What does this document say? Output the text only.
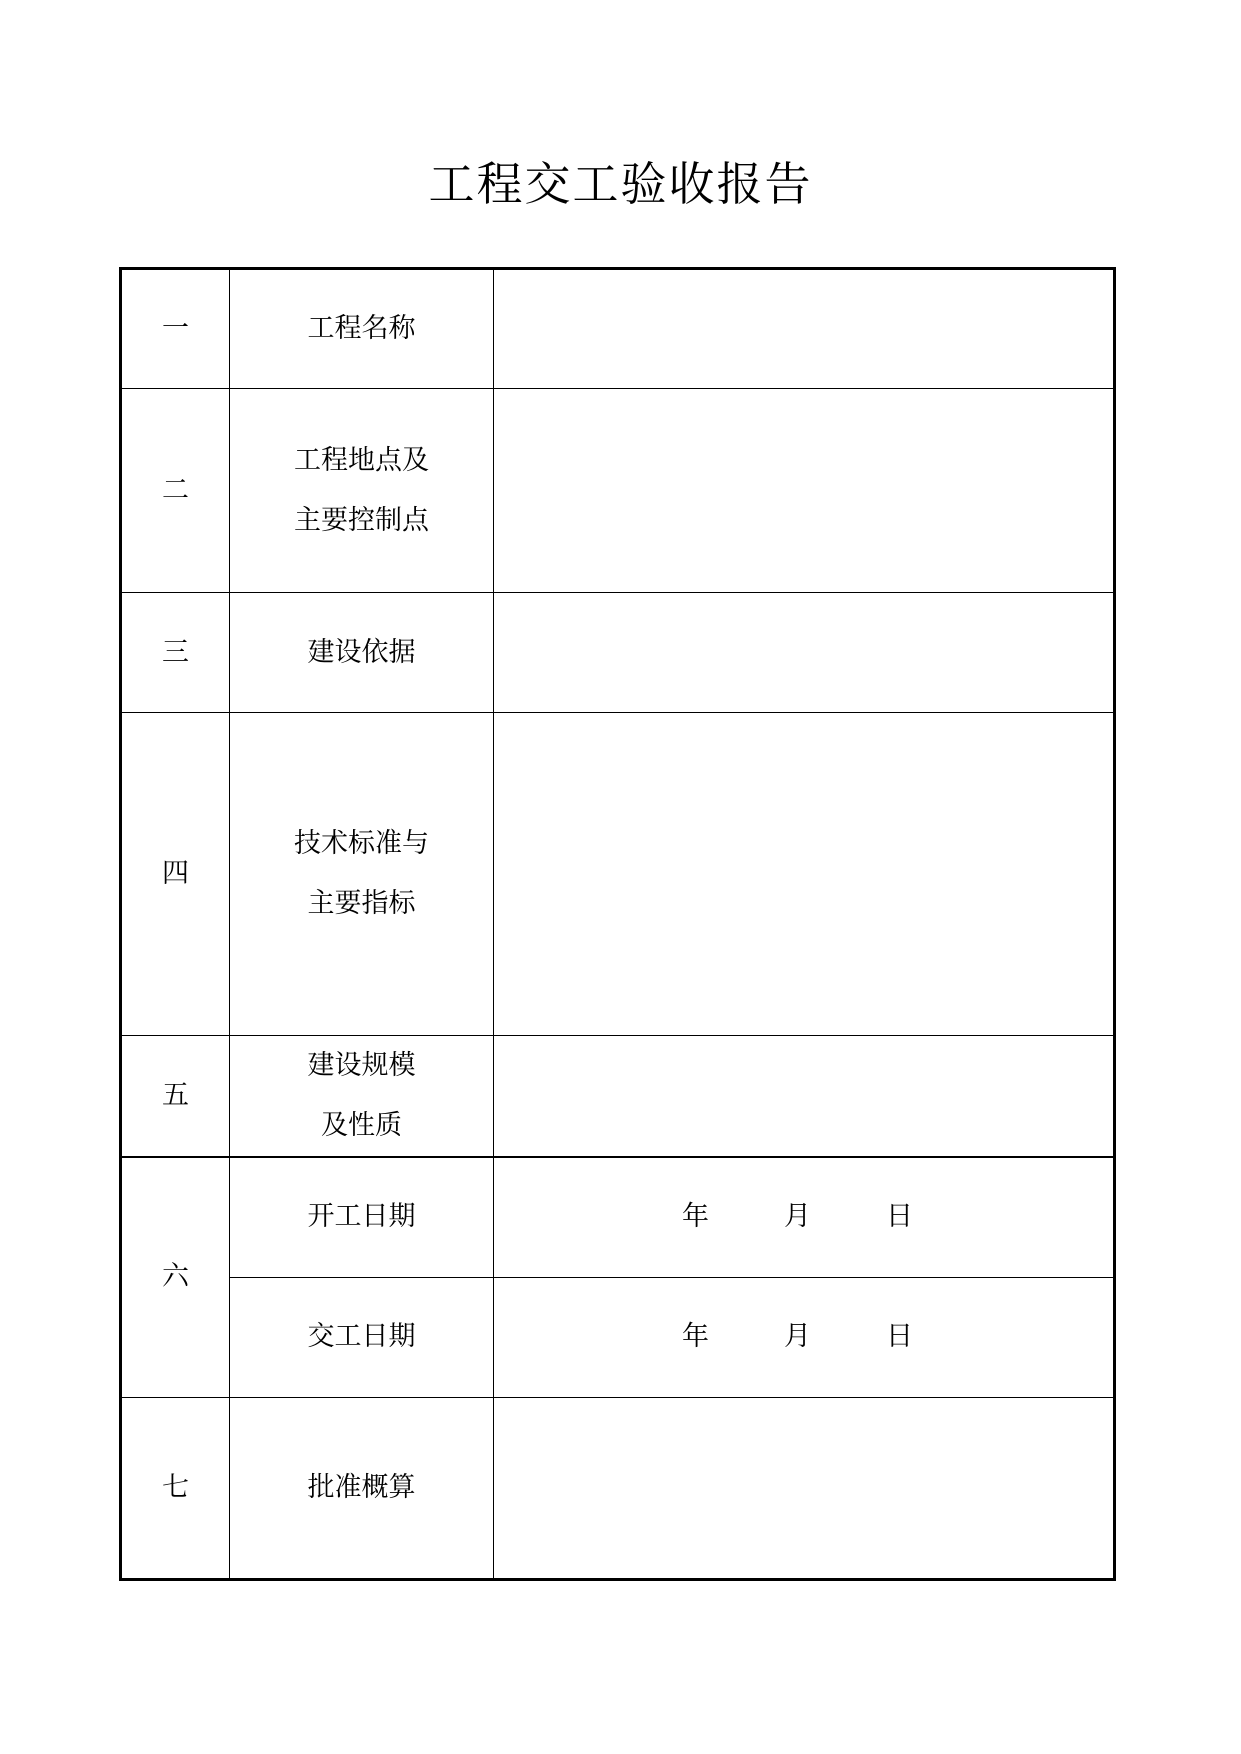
工程交工验收报告
一	工程名称	

二	工程地点及
主要控制点	

三	建设依据	

四	技术标准与
主要指标	

五	建设规模
及性质	

六	开工日期	年 月 日

	交工日期	年 月 日

七	批准概算	
